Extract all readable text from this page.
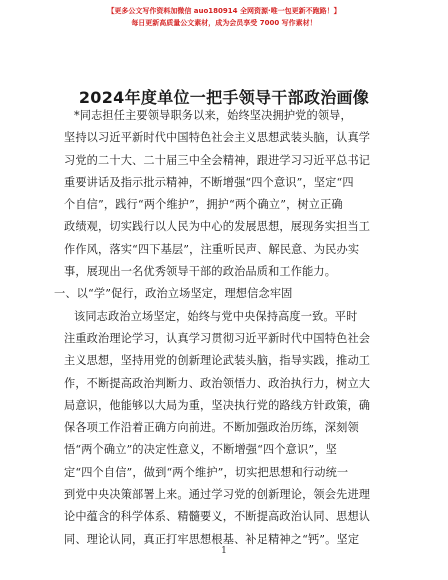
【更多公文写作资料加微信 auo180914 全网资源·唯一包更新不跑路！】
每日更新高质量公文素材，成为会员享受 7000 写作素材！
2024年度单位一把手领导干部政治画像
*同志担任主要领导职务以来，始终坚决拥护党的领导，
坚持以习近平新时代中国特色社会主义思想武装头脑，认真学
习党的二十大、二十届三中全会精神，跟进学习习近平总书记
重要讲话及指示批示精神，不断增强“四个意识”，坚定“四
个自信”，践行“两个维护”，拥护“两个确立”，树立正确
政绩观，切实践行以人民为中心的发展思想，展现务实担当工
作作风，落实“四下基层”，注重听民声、解民意、为民办实
事，展现出一名优秀领导干部的政治品质和工作能力。
一、以“学”促行，政治立场坚定，理想信念牢固
该同志政治立场坚定，始终与党中央保持高度一致。平时
注重政治理论学习，认真学习贯彻习近平新时代中国特色社会
主义思想，坚持用党的创新理论武装头脑，指导实践，推动工
作，不断提高政治判断力、政治领悟力、政治执行力，树立大
局意识，他能够以大局为重，坚决执行党的路线方针政策，确
保各项工作沿着正确方向前进。不断加强政治历练，深刻领
悟“两个确立”的决定性意义，不断增强“四个意识”，坚
定“四个自信”，做到“两个维护”，切实把思想和行动统一
到党中央决策部署上来。通过学习党的创新理论，领会先进理
论中蕴含的科学体系、精髓要义，不断提高政治认同、思想认
同、理论认同，真正打牢思想根基、补足精神之“钙”。坚定
1
